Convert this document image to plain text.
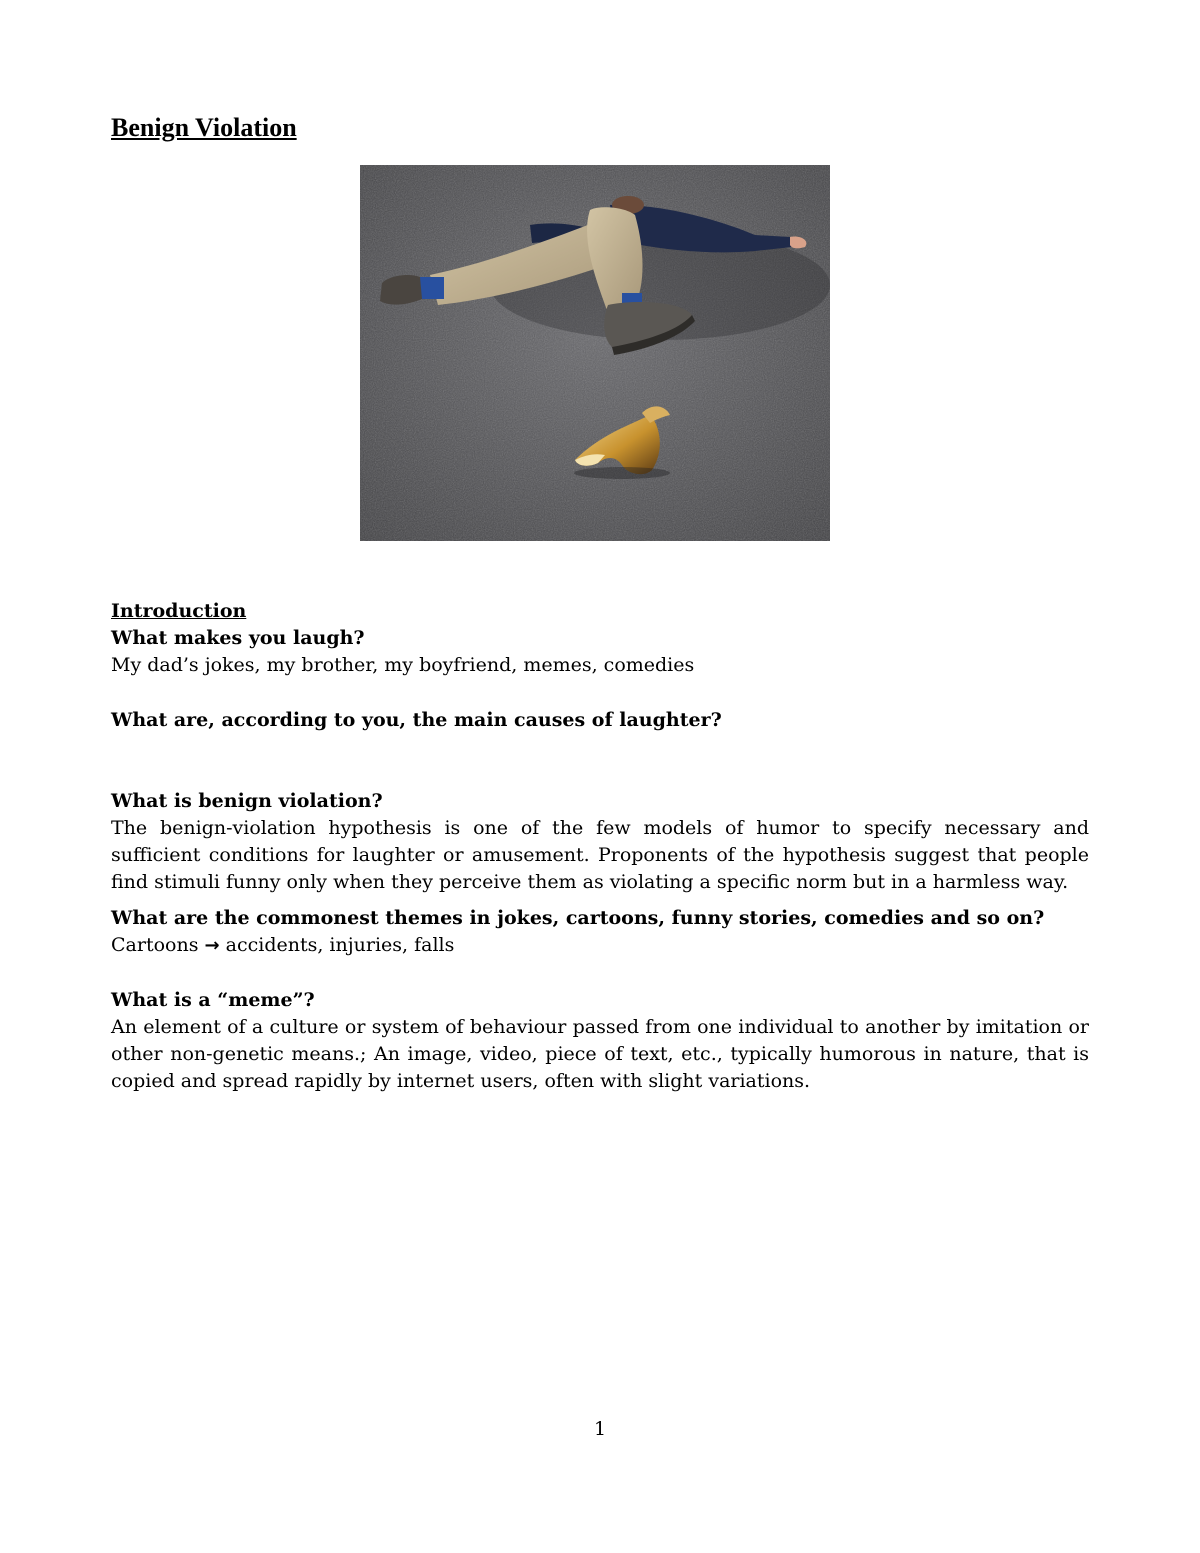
Benign Violation

Introduction

What makes you laugh?

My dad’s jokes, my brother, my boyfriend, memes, comedies

What are, according to you, the main causes of laughter?

What is benign violation?

The benign-violation hypothesis is one of the few models of humor to specify necessary and sufficient conditions for laughter or amusement. Proponents of the hypothesis suggest that people find stimuli funny only when they perceive them as violating a specific norm but in a harmless way.

What are the commonest themes in jokes, cartoons, funny stories, comedies and so on?

Cartoons → accidents, injuries, falls

What is a “meme”?

An element of a culture or system of behaviour passed from one individual to another by imitation or other non-genetic means.; An image, video, piece of text, etc., typically humorous in nature, that is copied and spread rapidly by internet users, often with slight variations.

1
